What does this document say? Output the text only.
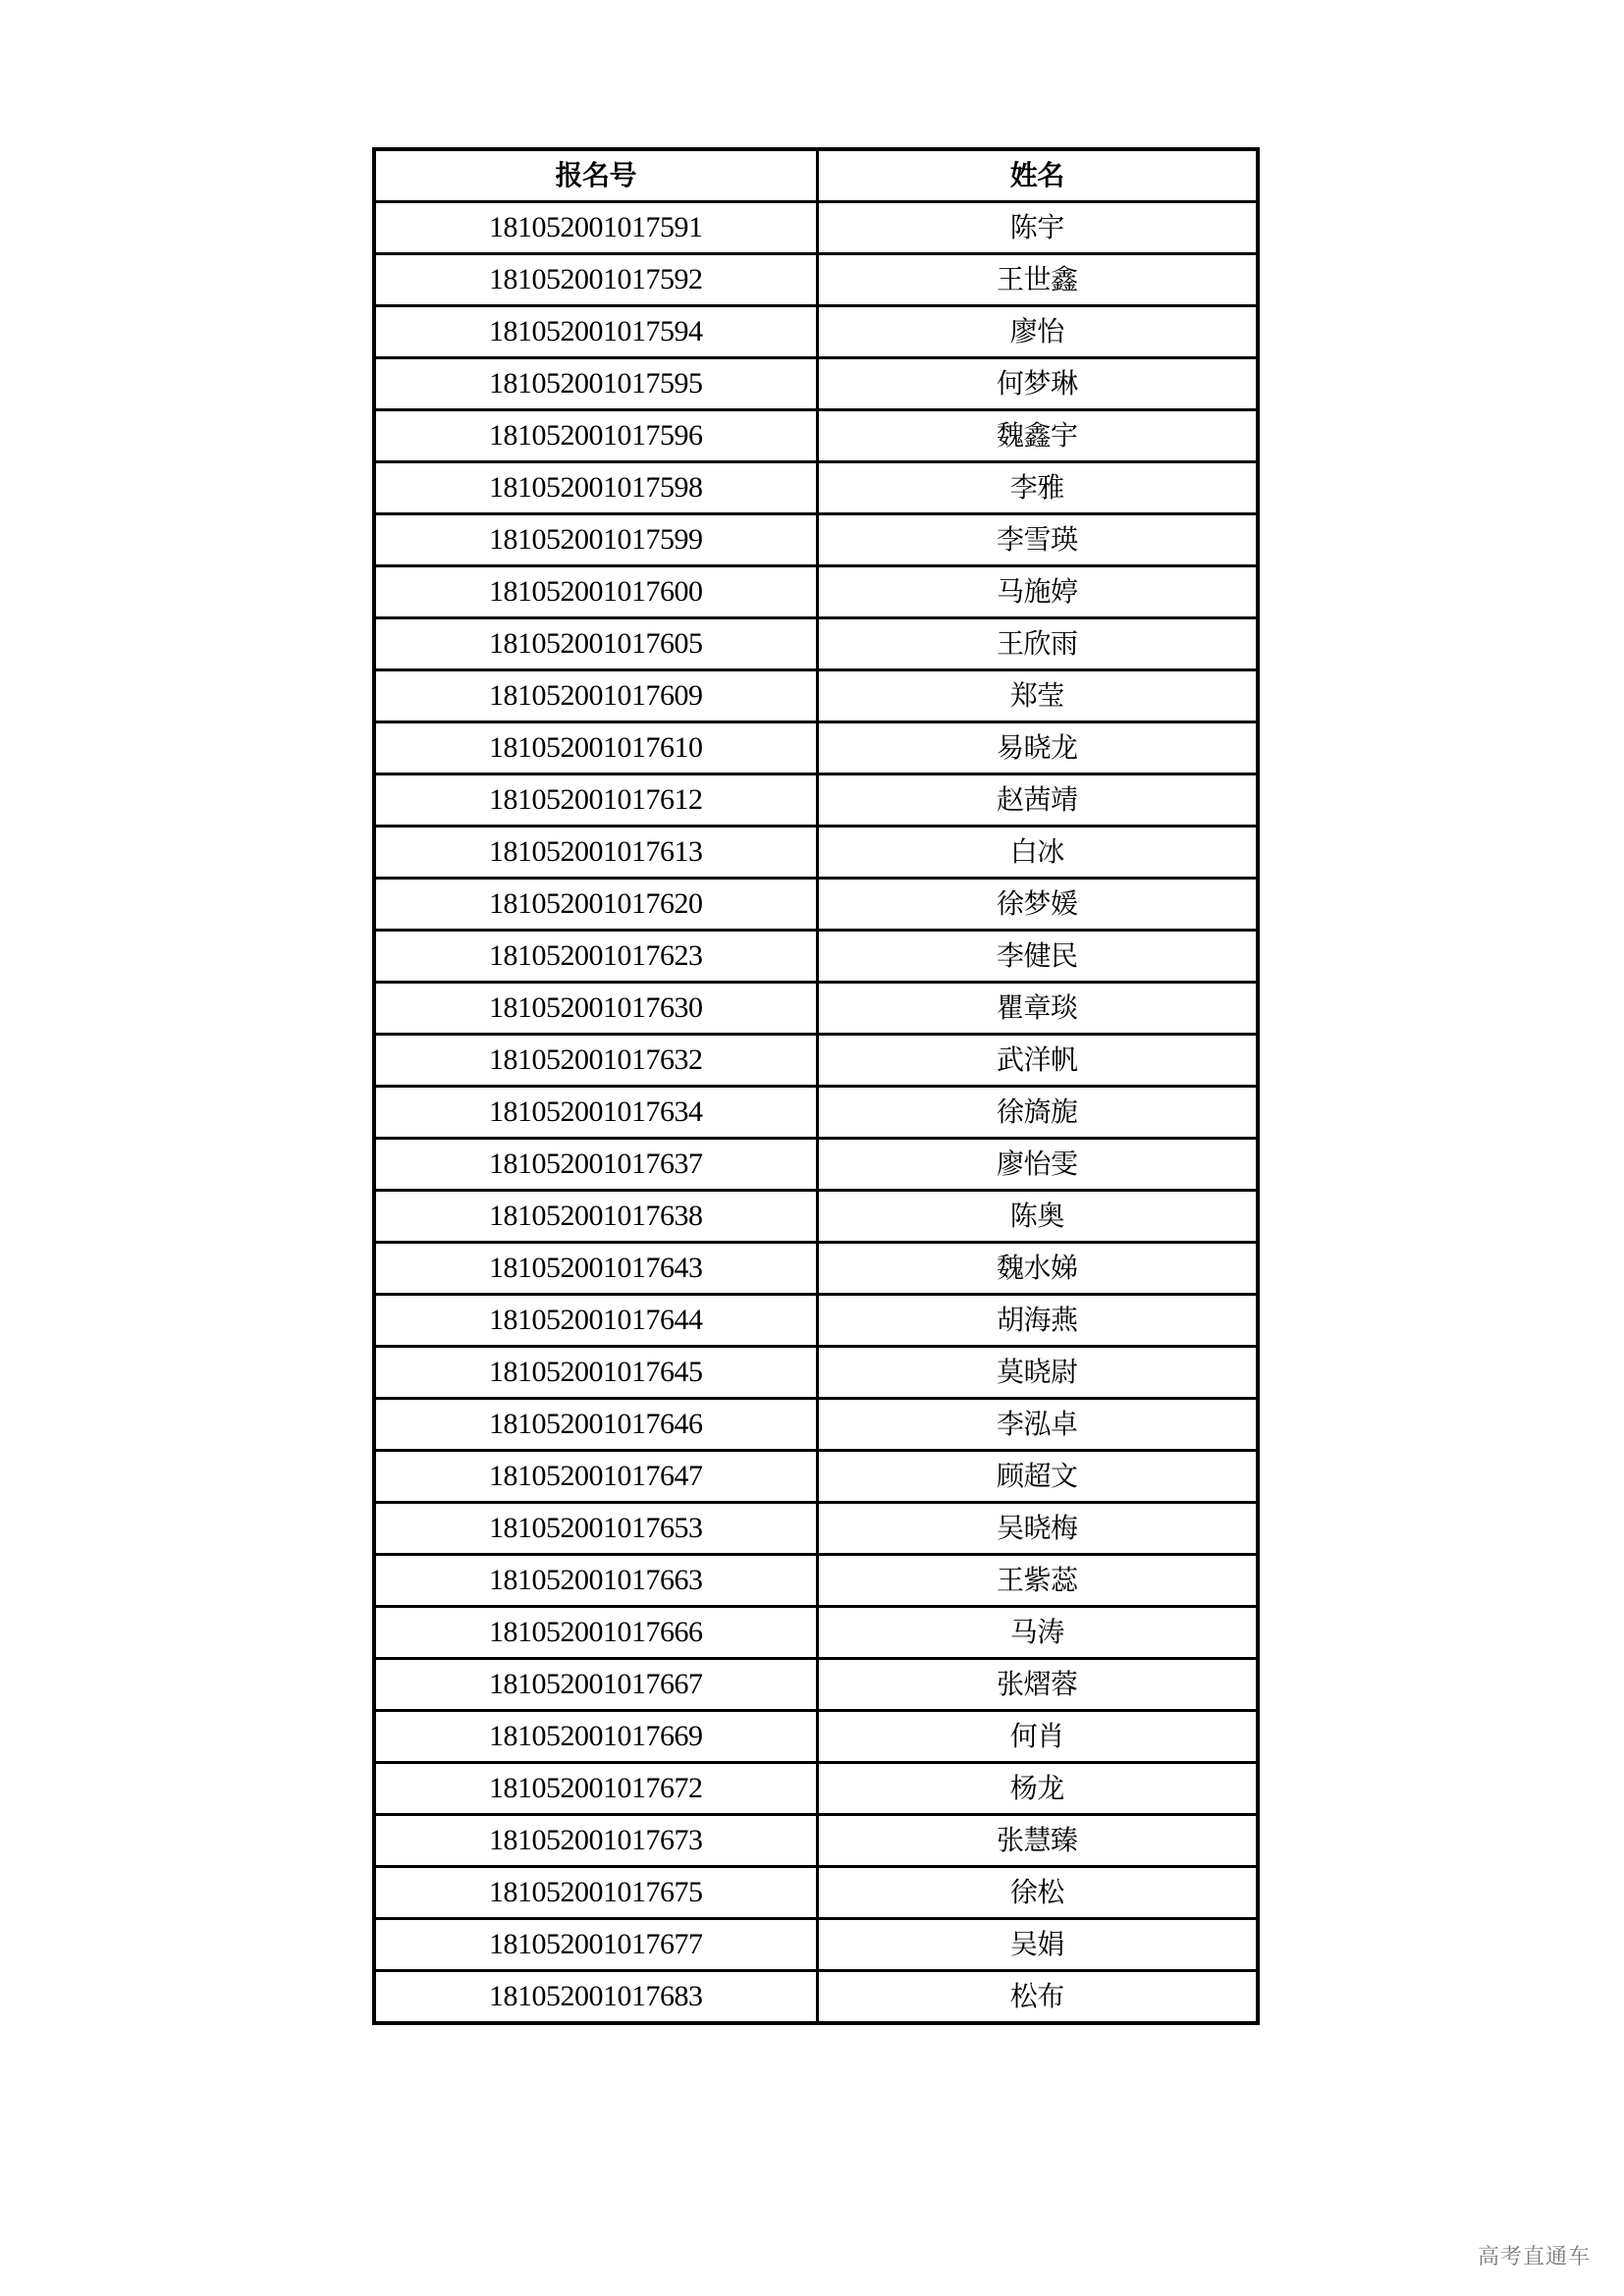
报名号	姓名
181052001017591	陈宇
181052001017592	王世鑫
181052001017594	廖怡
181052001017595	何梦琳
181052001017596	魏鑫宇
181052001017598	李雅
181052001017599	李雪瑛
181052001017600	马施婷
181052001017605	王欣雨
181052001017609	郑莹
181052001017610	易晓龙
181052001017612	赵茜靖
181052001017613	白冰
181052001017620	徐梦媛
181052001017623	李健民
181052001017630	瞿章琰
181052001017632	武洋帆
181052001017634	徐旖旎
181052001017637	廖怡雯
181052001017638	陈奥
181052001017643	魏水娣
181052001017644	胡海燕
181052001017645	莫晓尉
181052001017646	李泓卓
181052001017647	顾超文
181052001017653	吴晓梅
181052001017663	王紫蕊
181052001017666	马涛
181052001017667	张熠蓉
181052001017669	何肖
181052001017672	杨龙
181052001017673	张慧臻
181052001017675	徐松
181052001017677	吴娟
181052001017683	松布
高考直通车
